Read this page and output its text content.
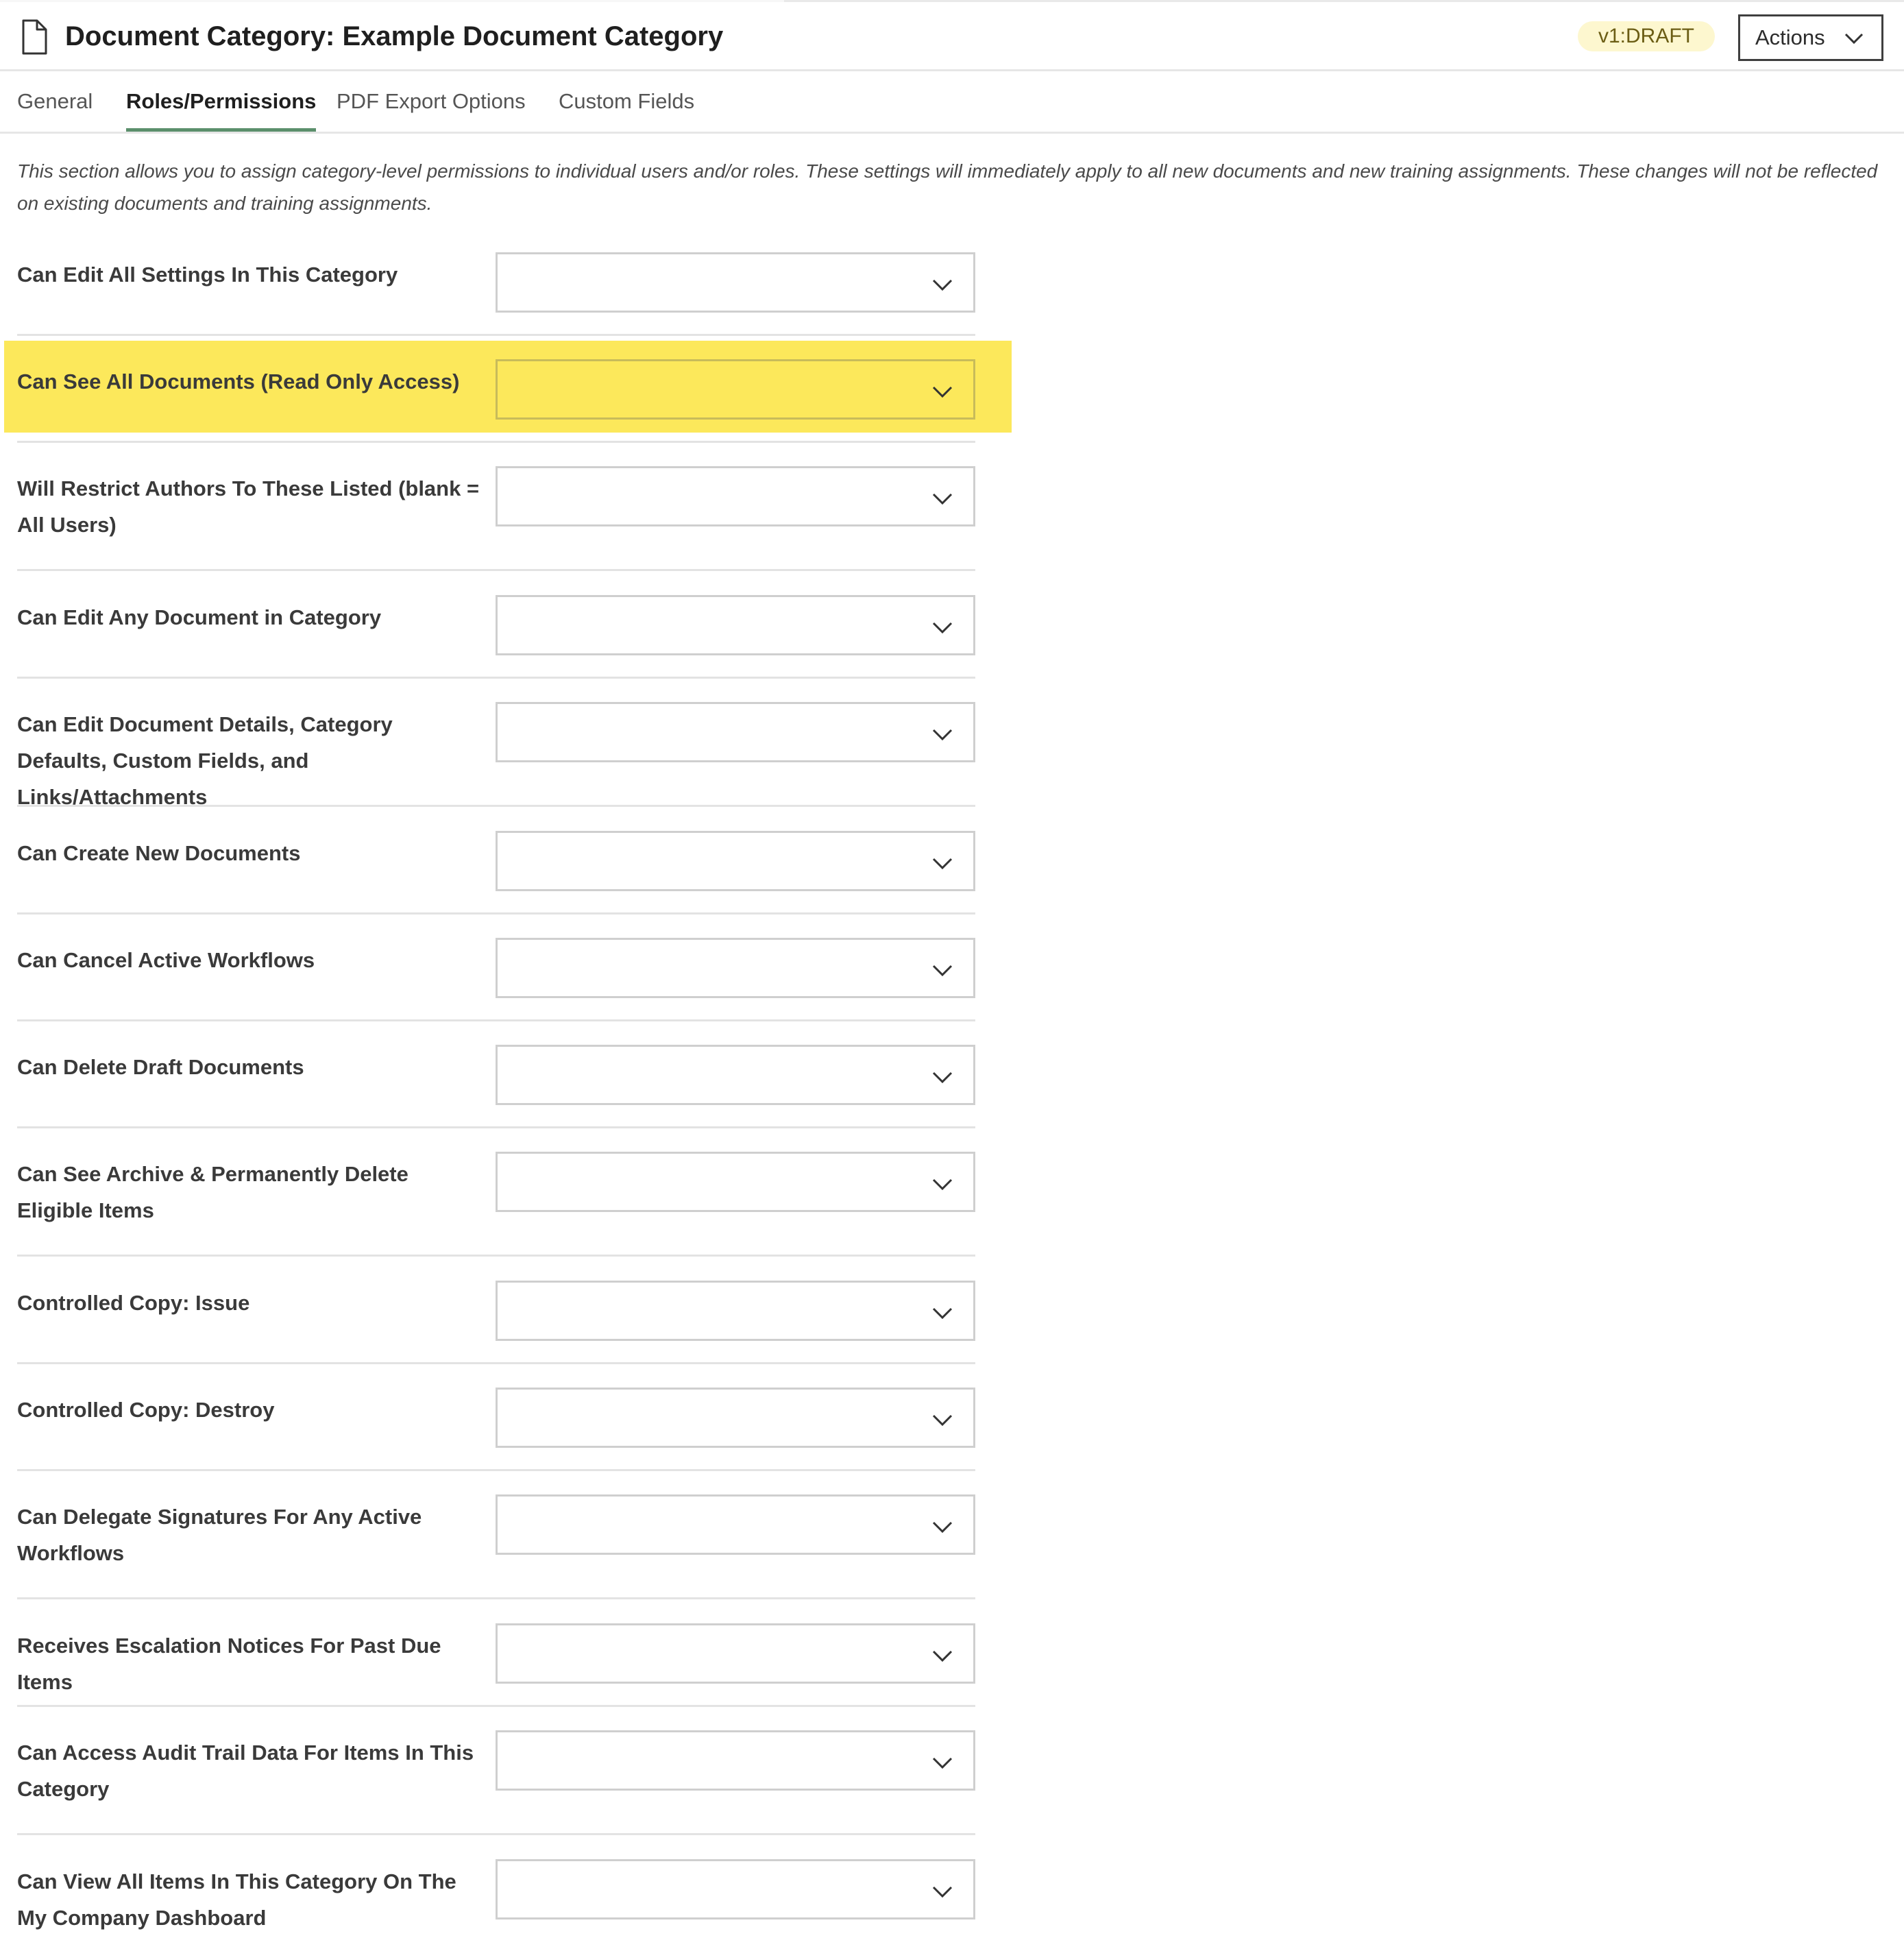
Document Category: Example Document Category	v1:DRAFT	Actions
General Roles/Permissions PDF Export Options Custom Fields

This section allows you to assign category-level permissions to individual users and/or roles. These settings will immediately apply to all new documents and new training assignments. These changes will not be reflected on existing documents and training assignments.

Can Edit All Settings In This Category
Can See All Documents (Read Only Access)
Will Restrict Authors To These Listed (blank = All Users)
Can Edit Any Document in Category
Can Edit Document Details, Category Defaults, Custom Fields, and Links/Attachments
Can Create New Documents
Can Cancel Active Workflows
Can Delete Draft Documents
Can See Archive & Permanently Delete Eligible Items
Controlled Copy: Issue
Controlled Copy: Destroy
Can Delegate Signatures For Any Active Workflows
Receives Escalation Notices For Past Due Items
Can Access Audit Trail Data For Items In This Category
Can View All Items In This Category On The My Company Dashboard
